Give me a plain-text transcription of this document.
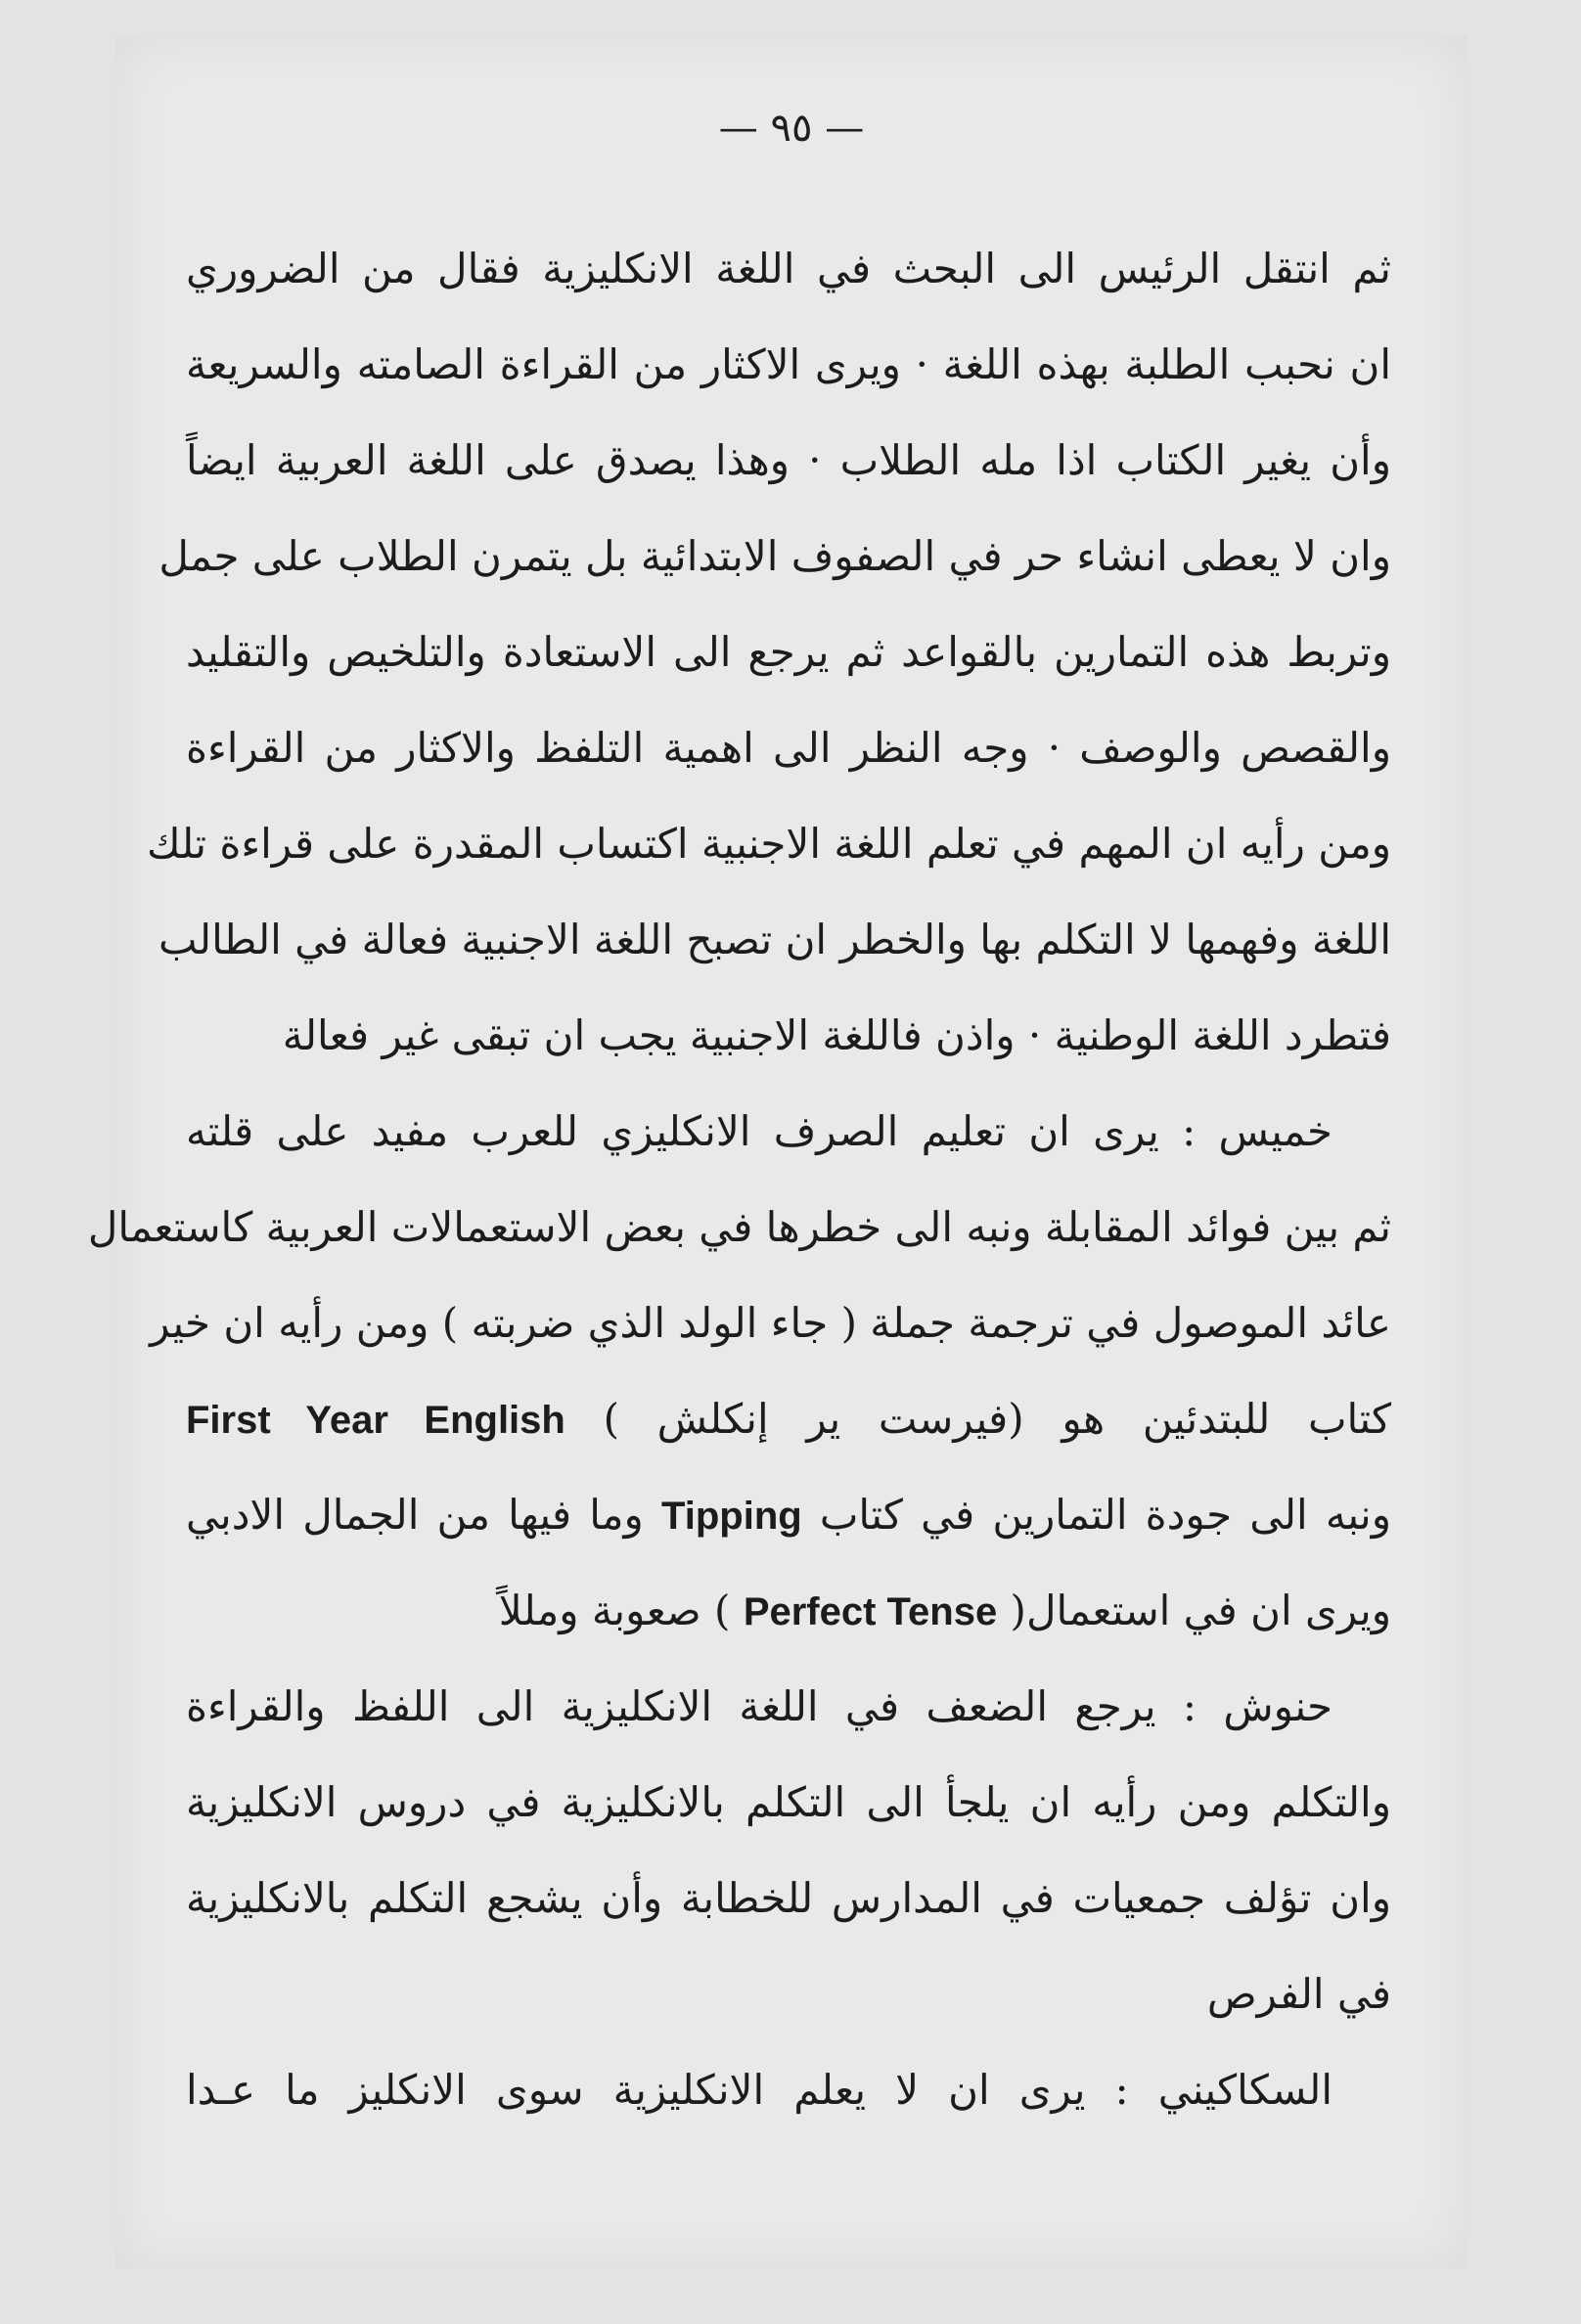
— ٩٥ —
ثم انتقل الرئيس الى البحث في اللغة الانكليزية فقال من الضروري
ان نحبب الطلبة بهذه اللغة · ويرى الاكثار من القراءة الصامته والسريعة
وأن يغير الكتاب اذا مله الطلاب · وهذا يصدق على اللغة العربية ايضاً
وان لا يعطى انشاء حر في الصفوف الابتدائية بل يتمرن الطلاب على جمل
وتربط هذه التمارين بالقواعد ثم يرجع الى الاستعادة والتلخيص والتقليد
والقصص والوصف · وجه النظر الى اهمية التلفظ والاكثار من القراءة
ومن رأيه ان المهم في تعلم اللغة الاجنبية اكتساب المقدرة على قراءة تلك
اللغة وفهمها لا التكلم بها والخطر ان تصبح اللغة الاجنبية فعالة في الطالب
فتطرد اللغة الوطنية · واذن فاللغة الاجنبية يجب ان تبقى غير فعالة
خميس : يرى ان تعليم الصرف الانكليزي للعرب مفيد على قلته
ثم بين فوائد المقابلة ونبه الى خطرها في بعض الاستعمالات العربية كاستعمال
عائد الموصول في ترجمة جملة ( جاء الولد الذي ضربته ) ومن رأيه ان خير
كتاب للبتدئين هو (فيرست ير إنكلش ) First Year English
ونبه الى جودة التمارين في كتاب Tipping وما فيها من الجمال الادبي
ويرى ان في استعمال( Perfect Tense ) صعوبة ومللاً
حنوش : يرجع الضعف في اللغة الانكليزية الى اللفظ والقراءة
والتكلم ومن رأيه ان يلجأ الى التكلم بالانكليزية في دروس الانكليزية
وان تؤلف جمعيات في المدارس للخطابة وأن يشجع التكلم بالانكليزية
في الفرص
السكاكيني : يرى ان لا يعلم الانكليزية سوى الانكليز ما عـدا
